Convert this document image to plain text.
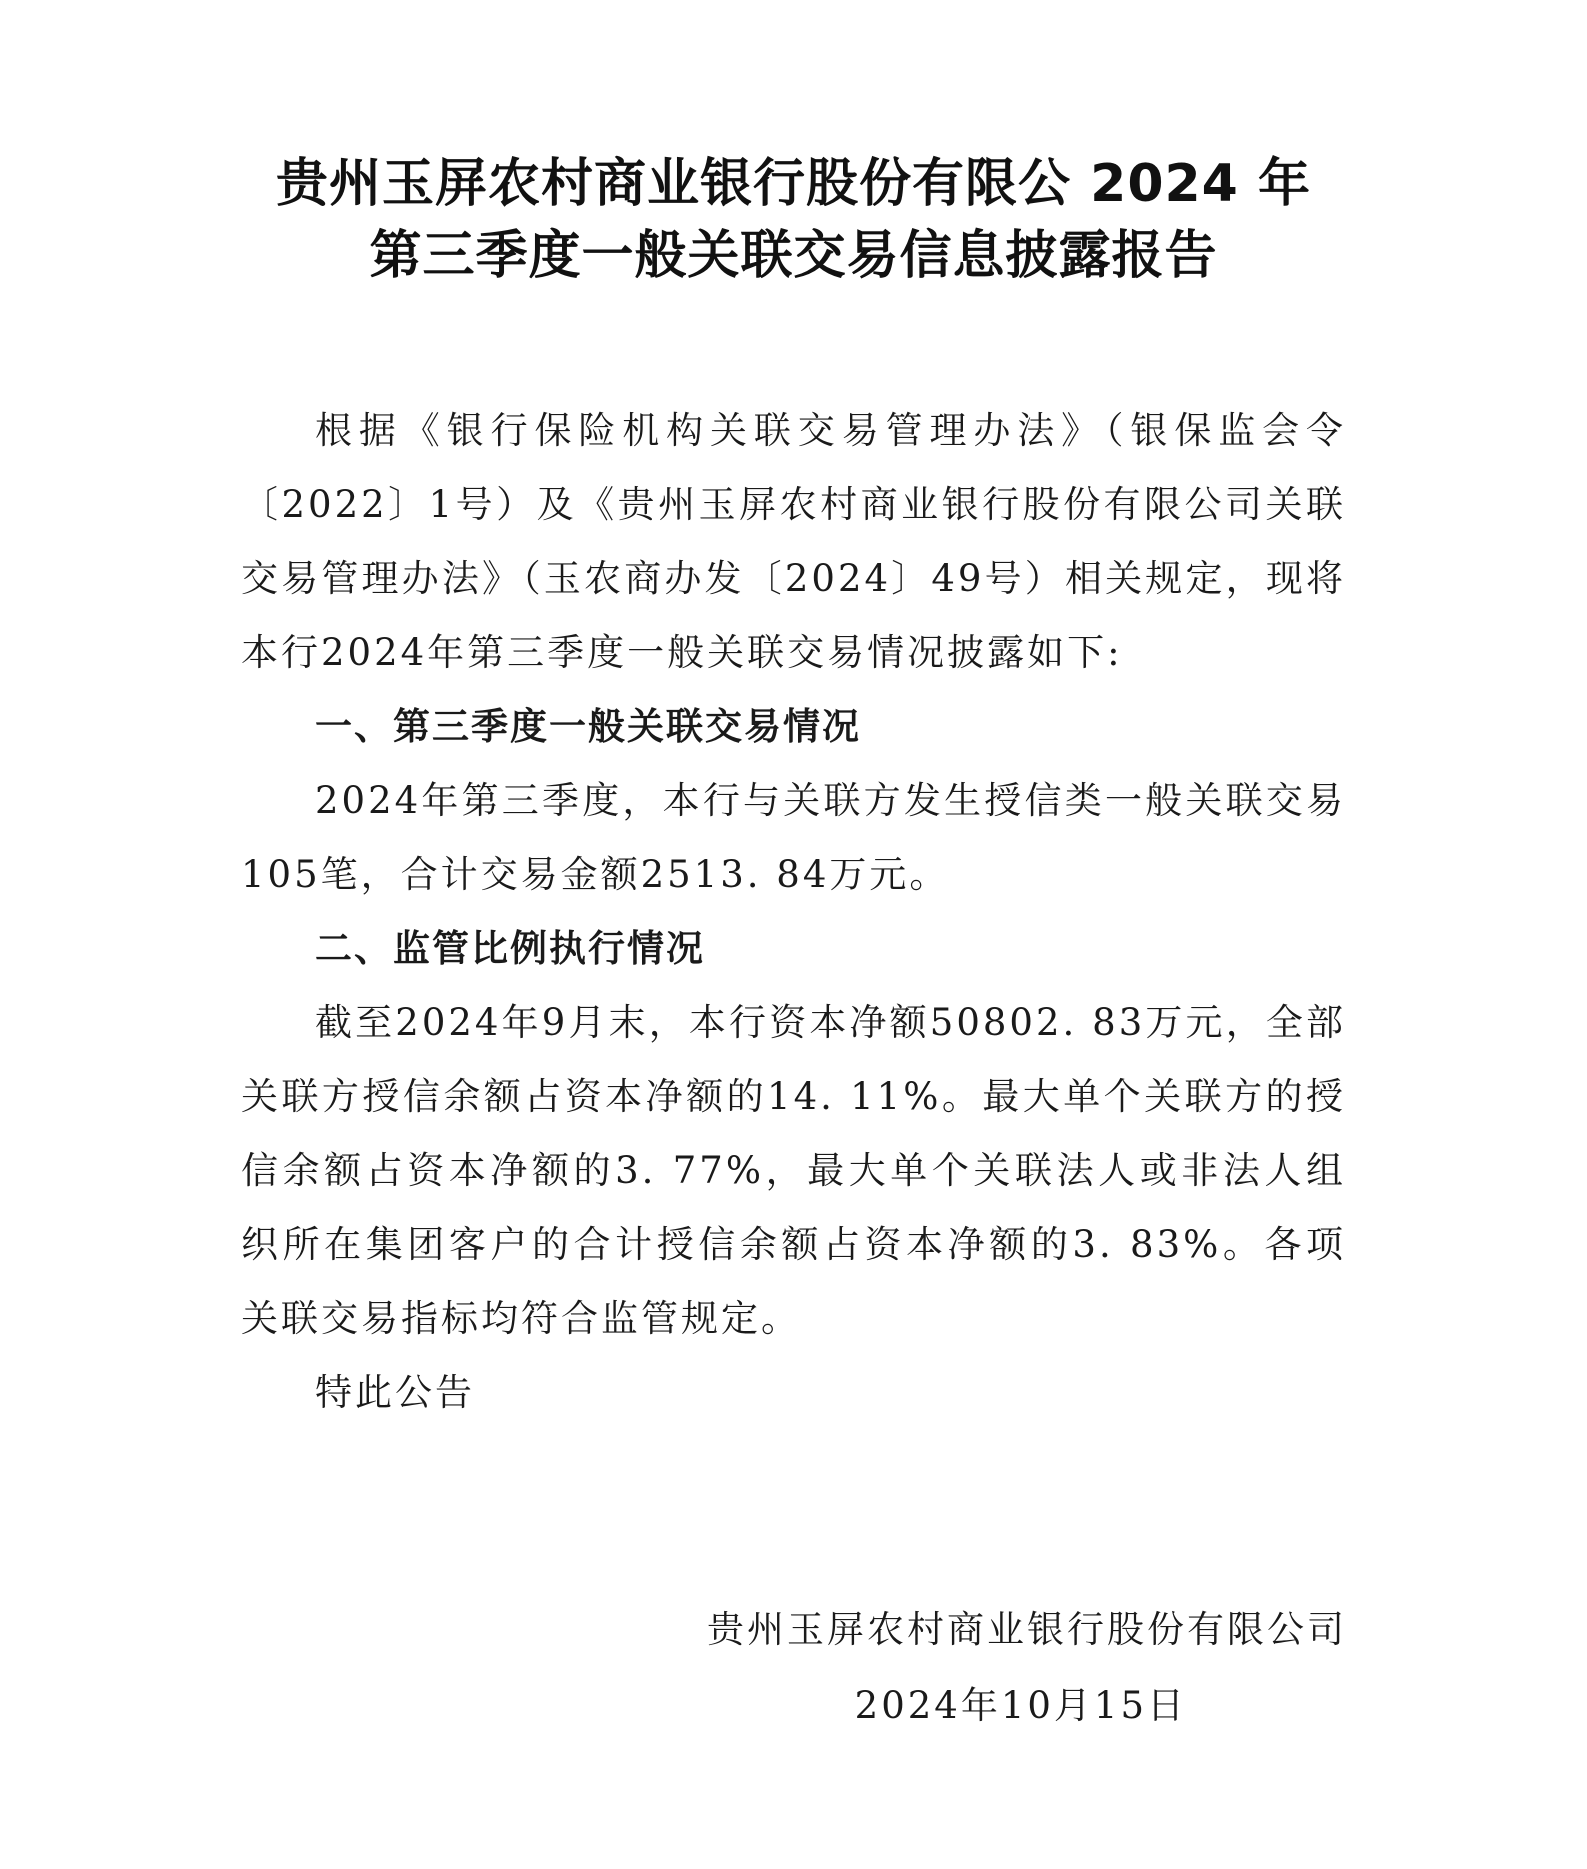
贵州玉屏农村商业银行股份有限公 2024 年
第三季度一般关联交易信息披露报告

根据《银行保险机构关联交易管理办法》（银保监会令〔2022〕1号）及《贵州玉屏农村商业银行股份有限公司关联交易管理办法》（玉农商办发〔2024〕49号）相关规定，现将本行2024年第三季度一般关联交易情况披露如下:

一、第三季度一般关联交易情况

2024年第三季度，本行与关联方发生授信类一般关联交易105笔，合计交易金额2513. 84万元。

二、监管比例执行情况

截至2024年9月末，本行资本净额50802. 83万元，全部关联方授信余额占资本净额的14. 11%。最大单个关联方的授信余额占资本净额的3. 77%，最大单个关联法人或非法人组织所在集团客户的合计授信余额占资本净额的3. 83%。各项关联交易指标均符合监管规定。

特此公告

贵州玉屏农村商业银行股份有限公司
2024年10月15日
